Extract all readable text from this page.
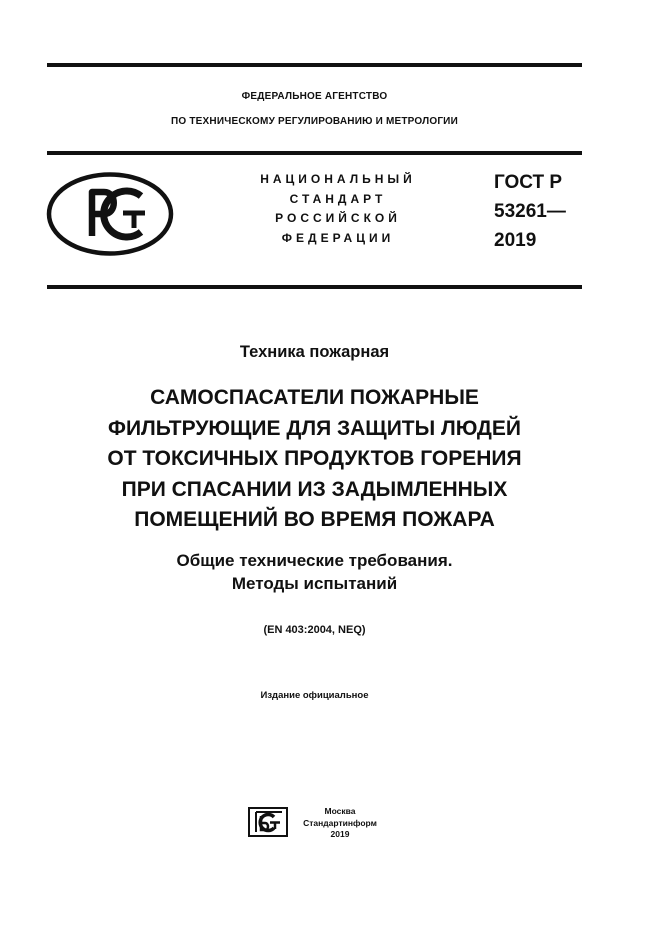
ФЕДЕРАЛЬНОЕ АГЕНТСТВО
ПО ТЕХНИЧЕСКОМУ РЕГУЛИРОВАНИЮ И МЕТРОЛОГИИ
НАЦИОНАЛЬНЫЙ
СТАНДАРТ
РОССИЙСКОЙ
ФЕДЕРАЦИИ
ГОСТ Р
53261—
2019
Техника пожарная
САМОСПАСАТЕЛИ ПОЖАРНЫЕ
ФИЛЬТРУЮЩИЕ ДЛЯ ЗАЩИТЫ ЛЮДЕЙ
ОТ ТОКСИЧНЫХ ПРОДУКТОВ ГОРЕНИЯ
ПРИ СПАСАНИИ ИЗ ЗАДЫМЛЕННЫХ
ПОМЕЩЕНИЙ ВО ВРЕМЯ ПОЖАРА
Общие технические требования.
Методы испытаний
(EN 403:2004, NEQ)
Издание официальное
Москва
Стандартинформ
2019
